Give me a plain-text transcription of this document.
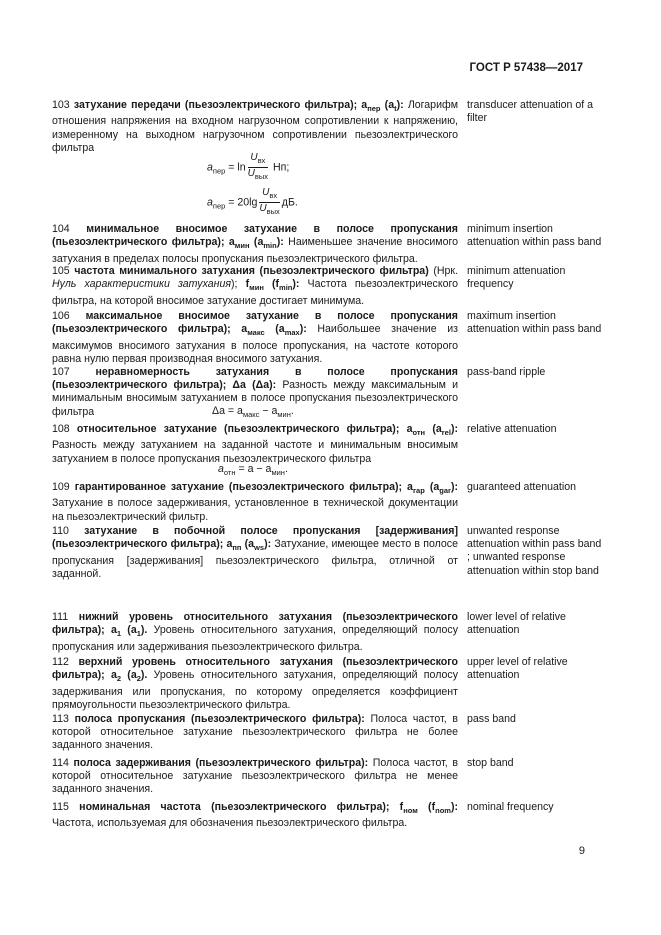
ГОСТ Р 57438—2017
103 затухание передачи (пьезоэлектрического фильтра); $a_{пер}$ $(a_t)$: Логарифм отношения напряжения на входном нагрузочном сопротивлении к напряжению, измеренному на выходном нагрузочном сопротивлении пьезоэлектрического фильтра
transducer attenuation of a filter
$a_{пер} = \ln$
$U_{вх}$
$U_{вых}$
Нп;
$a_{пер} = 20\lg$
$U_{вх}$
$U_{вых}$
дБ.
104 минимальное вносимое затухание в полосе пропускания (пьезоэлектрического фильтра); $a_{мин}$ $(a_{min})$: Наименьшее значение вносимого затухания в пределах полосы пропускания пьезоэлектрического фильтра.
minimum insertion attenuation within pass band
105 частота минимального затухания (пьезоэлектрического фильтра) (Нрк. Нуль характеристики затухания); $f_{мин}$ $(f_{min})$: Частота пьезоэлектрического фильтра, на которой вносимое затухание достигает минимума.
minimum attenuation frequency
106 максимальное вносимое затухание в полосе пропускания (пьезоэлектрического фильтра); $a_{макс}$ $(a_{max})$: Наибольшее значение из максимумов вносимого затухания в полосе пропускания, на частоте которого равна нулю первая производная вносимого затухания.
maximum insertion attenuation within pass band
107 неравномерность затухания в полосе пропускания (пьезоэлектрического фильтра); Δa (Δa): Разность между максимальным и минимальным вносимым затуханием в полосе пропускания пьезоэлектрического фильтра
pass-band ripple
$\Delta a = a_{макс} - a_{мин}$.
108 относительное затухание (пьезоэлектрического фильтра); $a_{отн}$ $(a_{rel})$: Разность между затуханием на заданной частоте и минимальным вносимым затуханием в полосе пропускания пьезоэлектрического фильтра
relative attenuation
$a_{отн} = a - a_{мин}$.
109 гарантированное затухание (пьезоэлектрического фильтра); $a_{гар}$ $(a_{gar})$: Затухание в полосе задерживания, установленное в технической документации на пьезоэлектрический фильтр.
guaranteed attenuation
110 затухание в побочной полосе пропускания [задерживания] (пьезоэлектрического фильтра); $a_{пп}$ $(a_{ws})$: Затухание, имеющее место в полосе пропускания [задерживания] пьезоэлектрического фильтра, отличной от заданной.
unwanted response attenuation within pass band ; unwanted response attenuation within stop band
111 нижний уровень относительного затухания (пьезоэлектрического фильтра); $a_1$ $(a_1)$. Уровень относительного затухания, определяющий полосу пропускания или задерживания пьезоэлектрического фильтра.
lower level of relative attenuation
112 верхний уровень относительного затухания (пьезоэлектрического фильтра); $a_2$ $(a_2)$. Уровень относительного затухания, определяющий полосу задерживания или пропускания, по которому определяется коэффициент прямоугольности пьезоэлектрического фильтра.
upper level of relative attenuation
113 полоса пропускания (пьезоэлектрического фильтра): Полоса частот, в которой относительное затухание пьезоэлектрического фильтра не более заданного значения.
pass band
114 полоса задерживания (пьезоэлектрического фильтра): Полоса частот, в которой относительное затухание пьезоэлектрического фильтра не менее заданного значения.
stop band
115 номинальная частота (пьезоэлектрического фильтра); $f_{ном}$ $(f_{nom})$: Частота, используемая для обозначения пьезоэлектрического фильтра.
nominal frequency
9
